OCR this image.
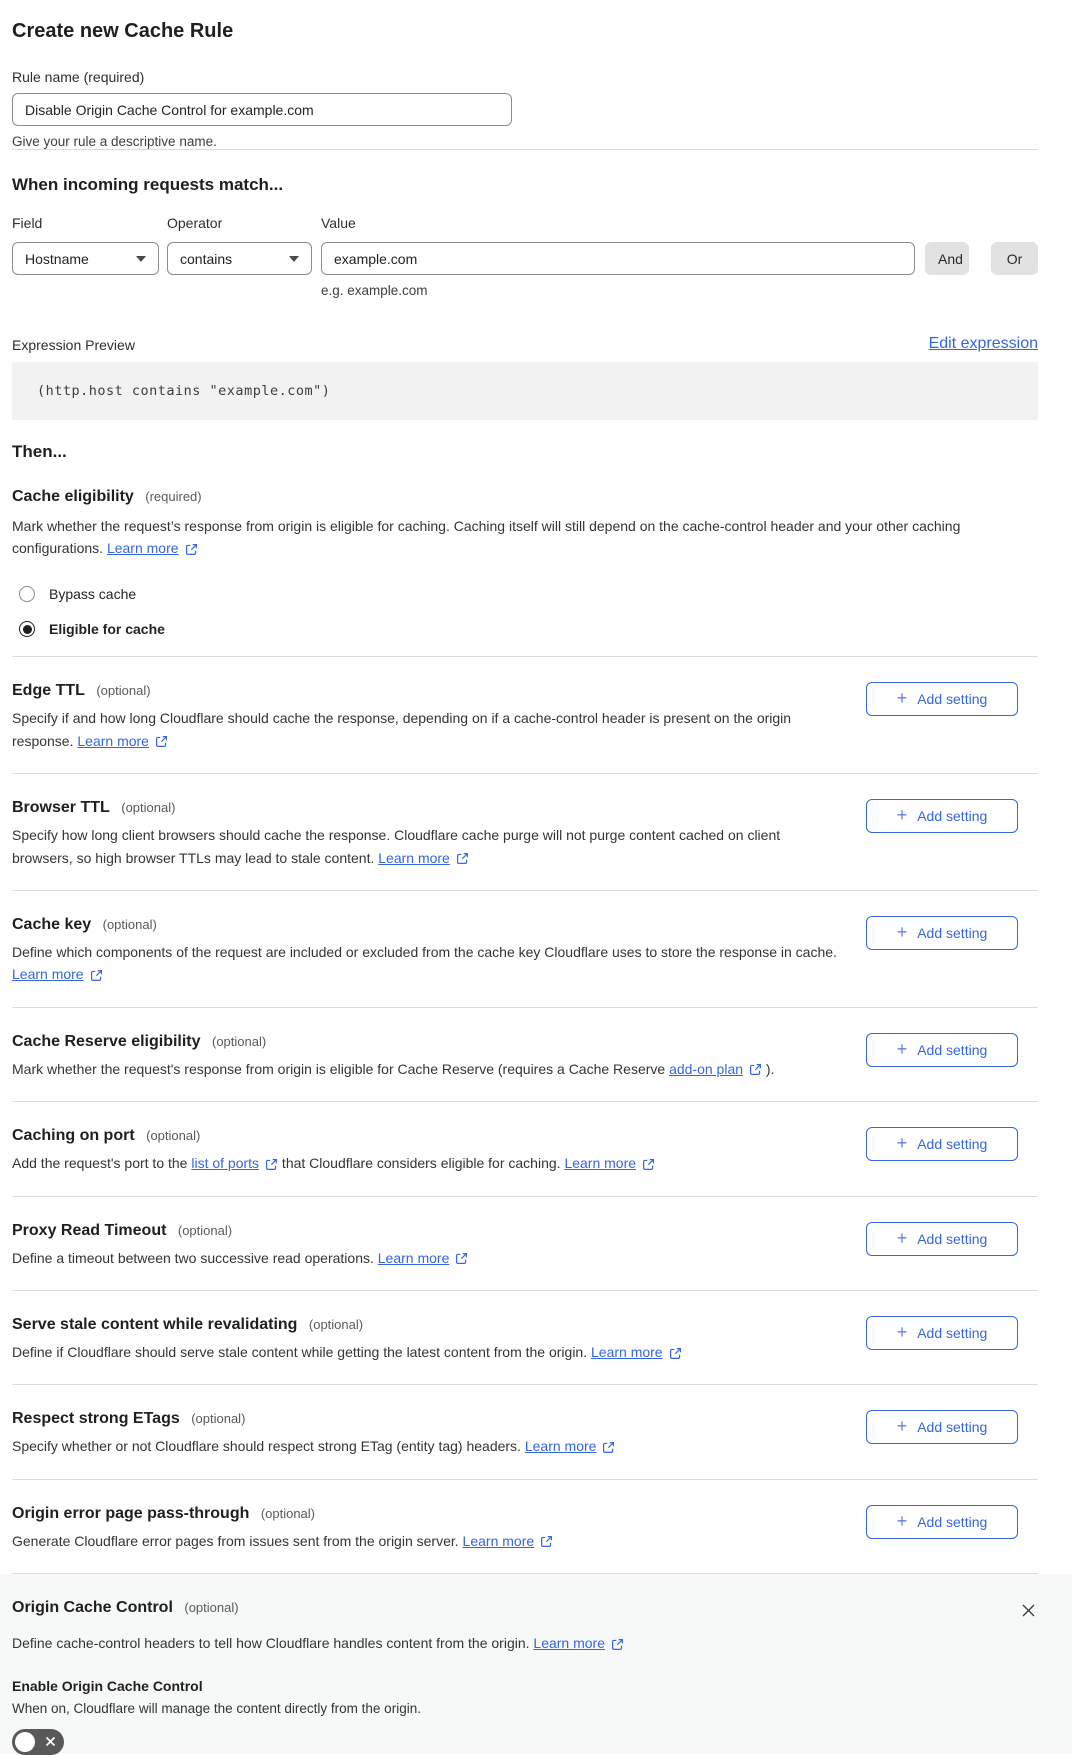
Create new Cache Rule
Rule name (required)
Disable Origin Cache Control for example.com
Give your rule a descriptive name.
When incoming requests match...
Field	Operator	Value
Hostname	contains
example.com
e.g. example.com
And	Or
Expression Preview	Edit expression
(http.host contains "example.com")
Then...
Cache eligibility (required)

Mark whether the request’s response from origin is eligible for caching. Caching itself will still depend on the cache-control header and your other caching configurations. Learn more

Bypass cache
Eligible for cache
Edge TTL (optional)

Specify if and how long Cloudflare should cache the response, depending on if a cache-control header is present on the origin response. Learn more

+ Add setting
Browser TTL (optional)

Specify how long client browsers should cache the response. Cloudflare cache purge will not purge content cached on client browsers, so high browser TTLs may lead to stale content. Learn more

+ Add setting
Cache key (optional)

Define which components of the request are included or excluded from the cache key Cloudflare uses to store the response in cache. Learn more

+ Add setting
Cache Reserve eligibility (optional)

Mark whether the request's response from origin is eligible for Cache Reserve (requires a Cache Reserve add-on plan
).

+ Add setting
Caching on port (optional)

Add the request's port to the list of ports
that Cloudflare considers eligible for caching. Learn more

+ Add setting
Proxy Read Timeout (optional)

Define a timeout between two successive read operations. Learn more

+ Add setting
Serve stale content while revalidating (optional)

Define if Cloudflare should serve stale content while getting the latest content from the origin. Learn more

+ Add setting
Respect strong ETags (optional)

Specify whether or not Cloudflare should respect strong ETag (entity tag) headers. Learn more

+ Add setting
Origin error page pass-through (optional)

Generate Cloudflare error pages from issues sent from the origin server. Learn more

+ Add setting
Origin Cache Control (optional)

Define cache-control headers to tell how Cloudflare handles content from the origin. Learn more

Enable Origin Cache Control
When on, Cloudflare will manage the content directly from the origin.
